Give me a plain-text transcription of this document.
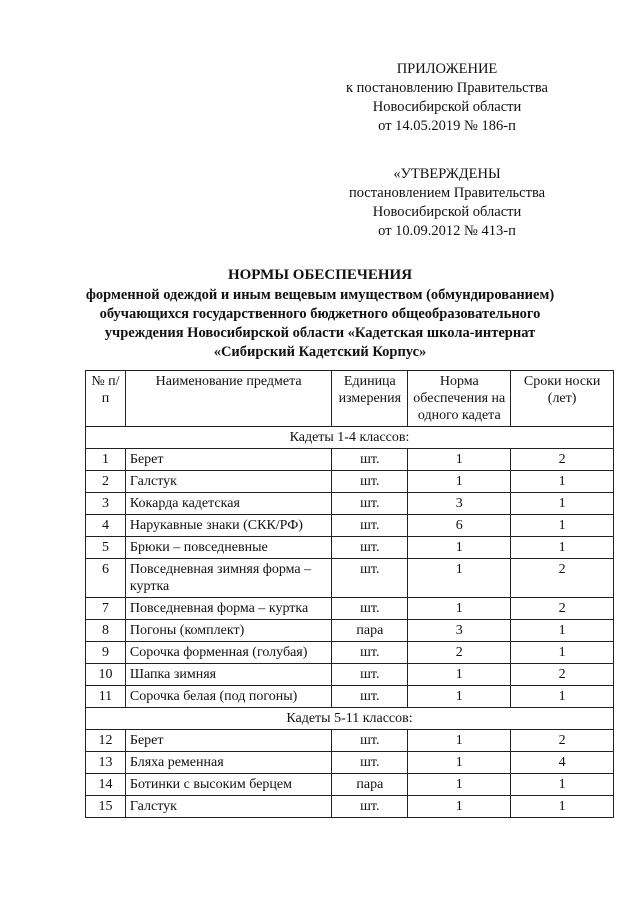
ПРИЛОЖЕНИЕ
к постановлению Правительства
Новосибирской области
от 14.05.2019 № 186-п
«УТВЕРЖДЕНЫ
постановлением Правительства
Новосибирской области
от 10.09.2012 № 413-п
НОРМЫ ОБЕСПЕЧЕНИЯ
форменной одеждой и иным вещевым имуществом (обмундированием)
обучающихся государственного бюджетного общеобразовательного
учреждения Новосибирской области «Кадетская школа-интернат
«Сибирский Кадетский Корпус»
№ п/п	Наименование предмета	Единица измерения	Норма обеспечения на одного кадета	Сроки носки (лет)
Кадеты 1-4 классов:				
1	Берет	шт.	1	2
2	Галстук	шт.	1	1
3	Кокарда кадетская	шт.	3	1
4	Нарукавные знаки (СКК/РФ)	шт.	6	1
5	Брюки – повседневные	шт.	1	1
6	Повседневная зимняя форма – куртка	шт.	1	2
7	Повседневная форма – куртка	шт.	1	2
8	Погоны (комплект)	пара	3	1
9	Сорочка форменная (голубая)	шт.	2	1
10	Шапка зимняя	шт.	1	2
11	Сорочка белая (под погоны)	шт.	1	1
Кадеты 5-11 классов:				
12	Берет	шт.	1	2
13	Бляха ременная	шт.	1	4
14	Ботинки с высоким берцем	пара	1	1
15	Галстук	шт.	1	1
